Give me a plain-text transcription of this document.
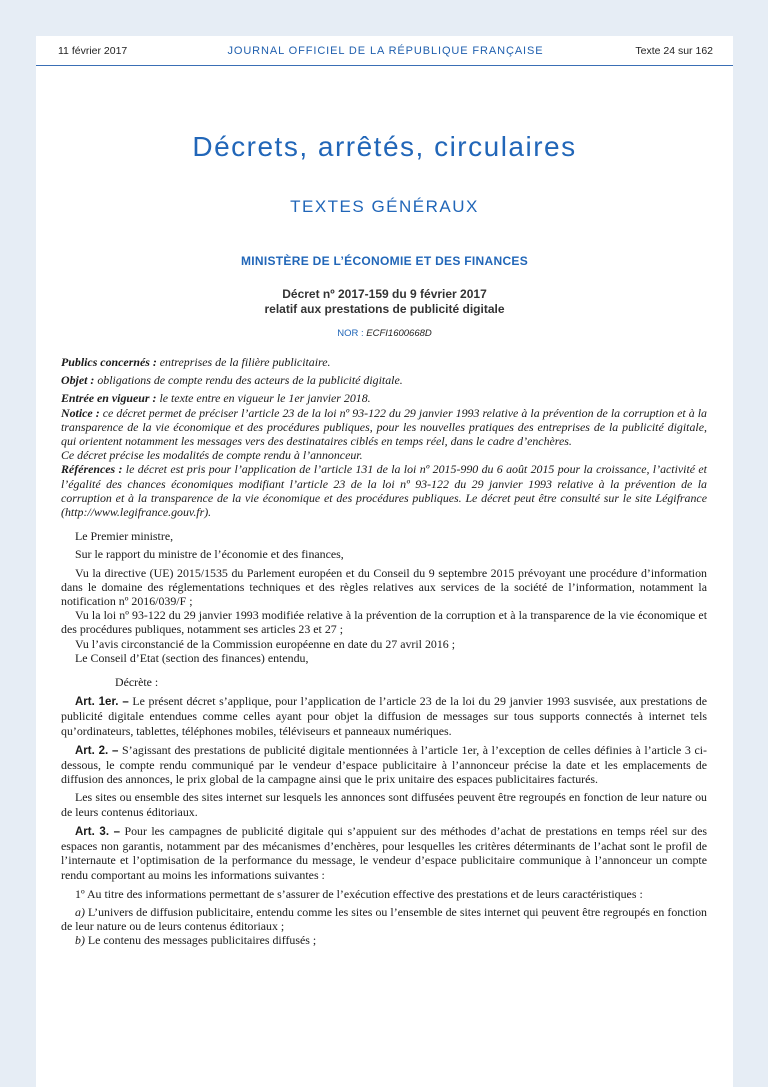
11 février 2017	JOURNAL OFFICIEL DE LA RÉPUBLIQUE FRANÇAISE	Texte 24 sur 162
Décrets, arrêtés, circulaires
TEXTES GÉNÉRAUX
MINISTÈRE DE L’ÉCONOMIE ET DES FINANCES
Décret nº 2017-159 du 9 février 2017
relatif aux prestations de publicité digitale
NOR : ECFI1600668D

Publics concernés : entreprises de la filière publicitaire.

Objet : obligations de compte rendu des acteurs de la publicité digitale.

Entrée en vigueur : le texte entre en vigueur le 1er janvier 2018.

Notice : ce décret permet de préciser l’article 23 de la loi nº 93-122 du 29 janvier 1993 relative à la prévention de la corruption et à la transparence de la vie économique et des procédures publiques, pour les nouvelles pratiques des entreprises de la publicité digitale, qui orientent notamment les messages vers des destinataires ciblés en temps réel, dans le cadre d’enchères.

Ce décret précise les modalités de compte rendu à l’annonceur.

Références : le décret est pris pour l’application de l’article 131 de la loi nº 2015-990 du 6 août 2015 pour la croissance, l’activité et l’égalité des chances économiques modifiant l’article 23 de la loi nº 93-122 du 29 janvier 1993 relative à la prévention de la corruption et à la transparence de la vie économique et des procédures publiques. Le décret peut être consulté sur le site Légifrance (http://www.legifrance.gouv.fr).

Le Premier ministre,

Sur le rapport du ministre de l’économie et des finances,

Vu la directive (UE) 2015/1535 du Parlement européen et du Conseil du 9 septembre 2015 prévoyant une procédure d’information dans le domaine des réglementations techniques et des règles relatives aux services de la société de l’information, notamment la notification nº 2016/039/F ;

Vu la loi nº 93-122 du 29 janvier 1993 modifiée relative à la prévention de la corruption et à la transparence de la vie économique et des procédures publiques, notamment ses articles 23 et 27 ;

Vu l’avis circonstancié de la Commission européenne en date du 27 avril 2016 ;

Le Conseil d’Etat (section des finances) entendu,

Décrète :

Art. 1er. – Le présent décret s’applique, pour l’application de l’article 23 de la loi du 29 janvier 1993 susvisée, aux prestations de publicité digitale entendues comme celles ayant pour objet la diffusion de messages sur tous supports connectés à internet tels qu’ordinateurs, tablettes, téléphones mobiles, téléviseurs et panneaux numériques.

Art. 2. – S’agissant des prestations de publicité digitale mentionnées à l’article 1er, à l’exception de celles définies à l’article 3 ci-dessous, le compte rendu communiqué par le vendeur d’espace publicitaire à l’annonceur précise la date et les emplacements de diffusion des annonces, le prix global de la campagne ainsi que le prix unitaire des espaces publicitaires facturés.

Les sites ou ensemble des sites internet sur lesquels les annonces sont diffusées peuvent être regroupés en fonction de leur nature ou de leurs contenus éditoriaux.

Art. 3. – Pour les campagnes de publicité digitale qui s’appuient sur des méthodes d’achat de prestations en temps réel sur des espaces non garantis, notamment par des mécanismes d’enchères, pour lesquelles les critères déterminants de l’achat sont le profil de l’internaute et l’optimisation de la performance du message, le vendeur d’espace publicitaire communique à l’annonceur un compte rendu comportant au moins les informations suivantes :

1º Au titre des informations permettant de s’assurer de l’exécution effective des prestations et de leurs caractéristiques :

a) L’univers de diffusion publicitaire, entendu comme les sites ou l’ensemble de sites internet qui peuvent être regroupés en fonction de leur nature ou de leurs contenus éditoriaux ;

b) Le contenu des messages publicitaires diffusés ;
